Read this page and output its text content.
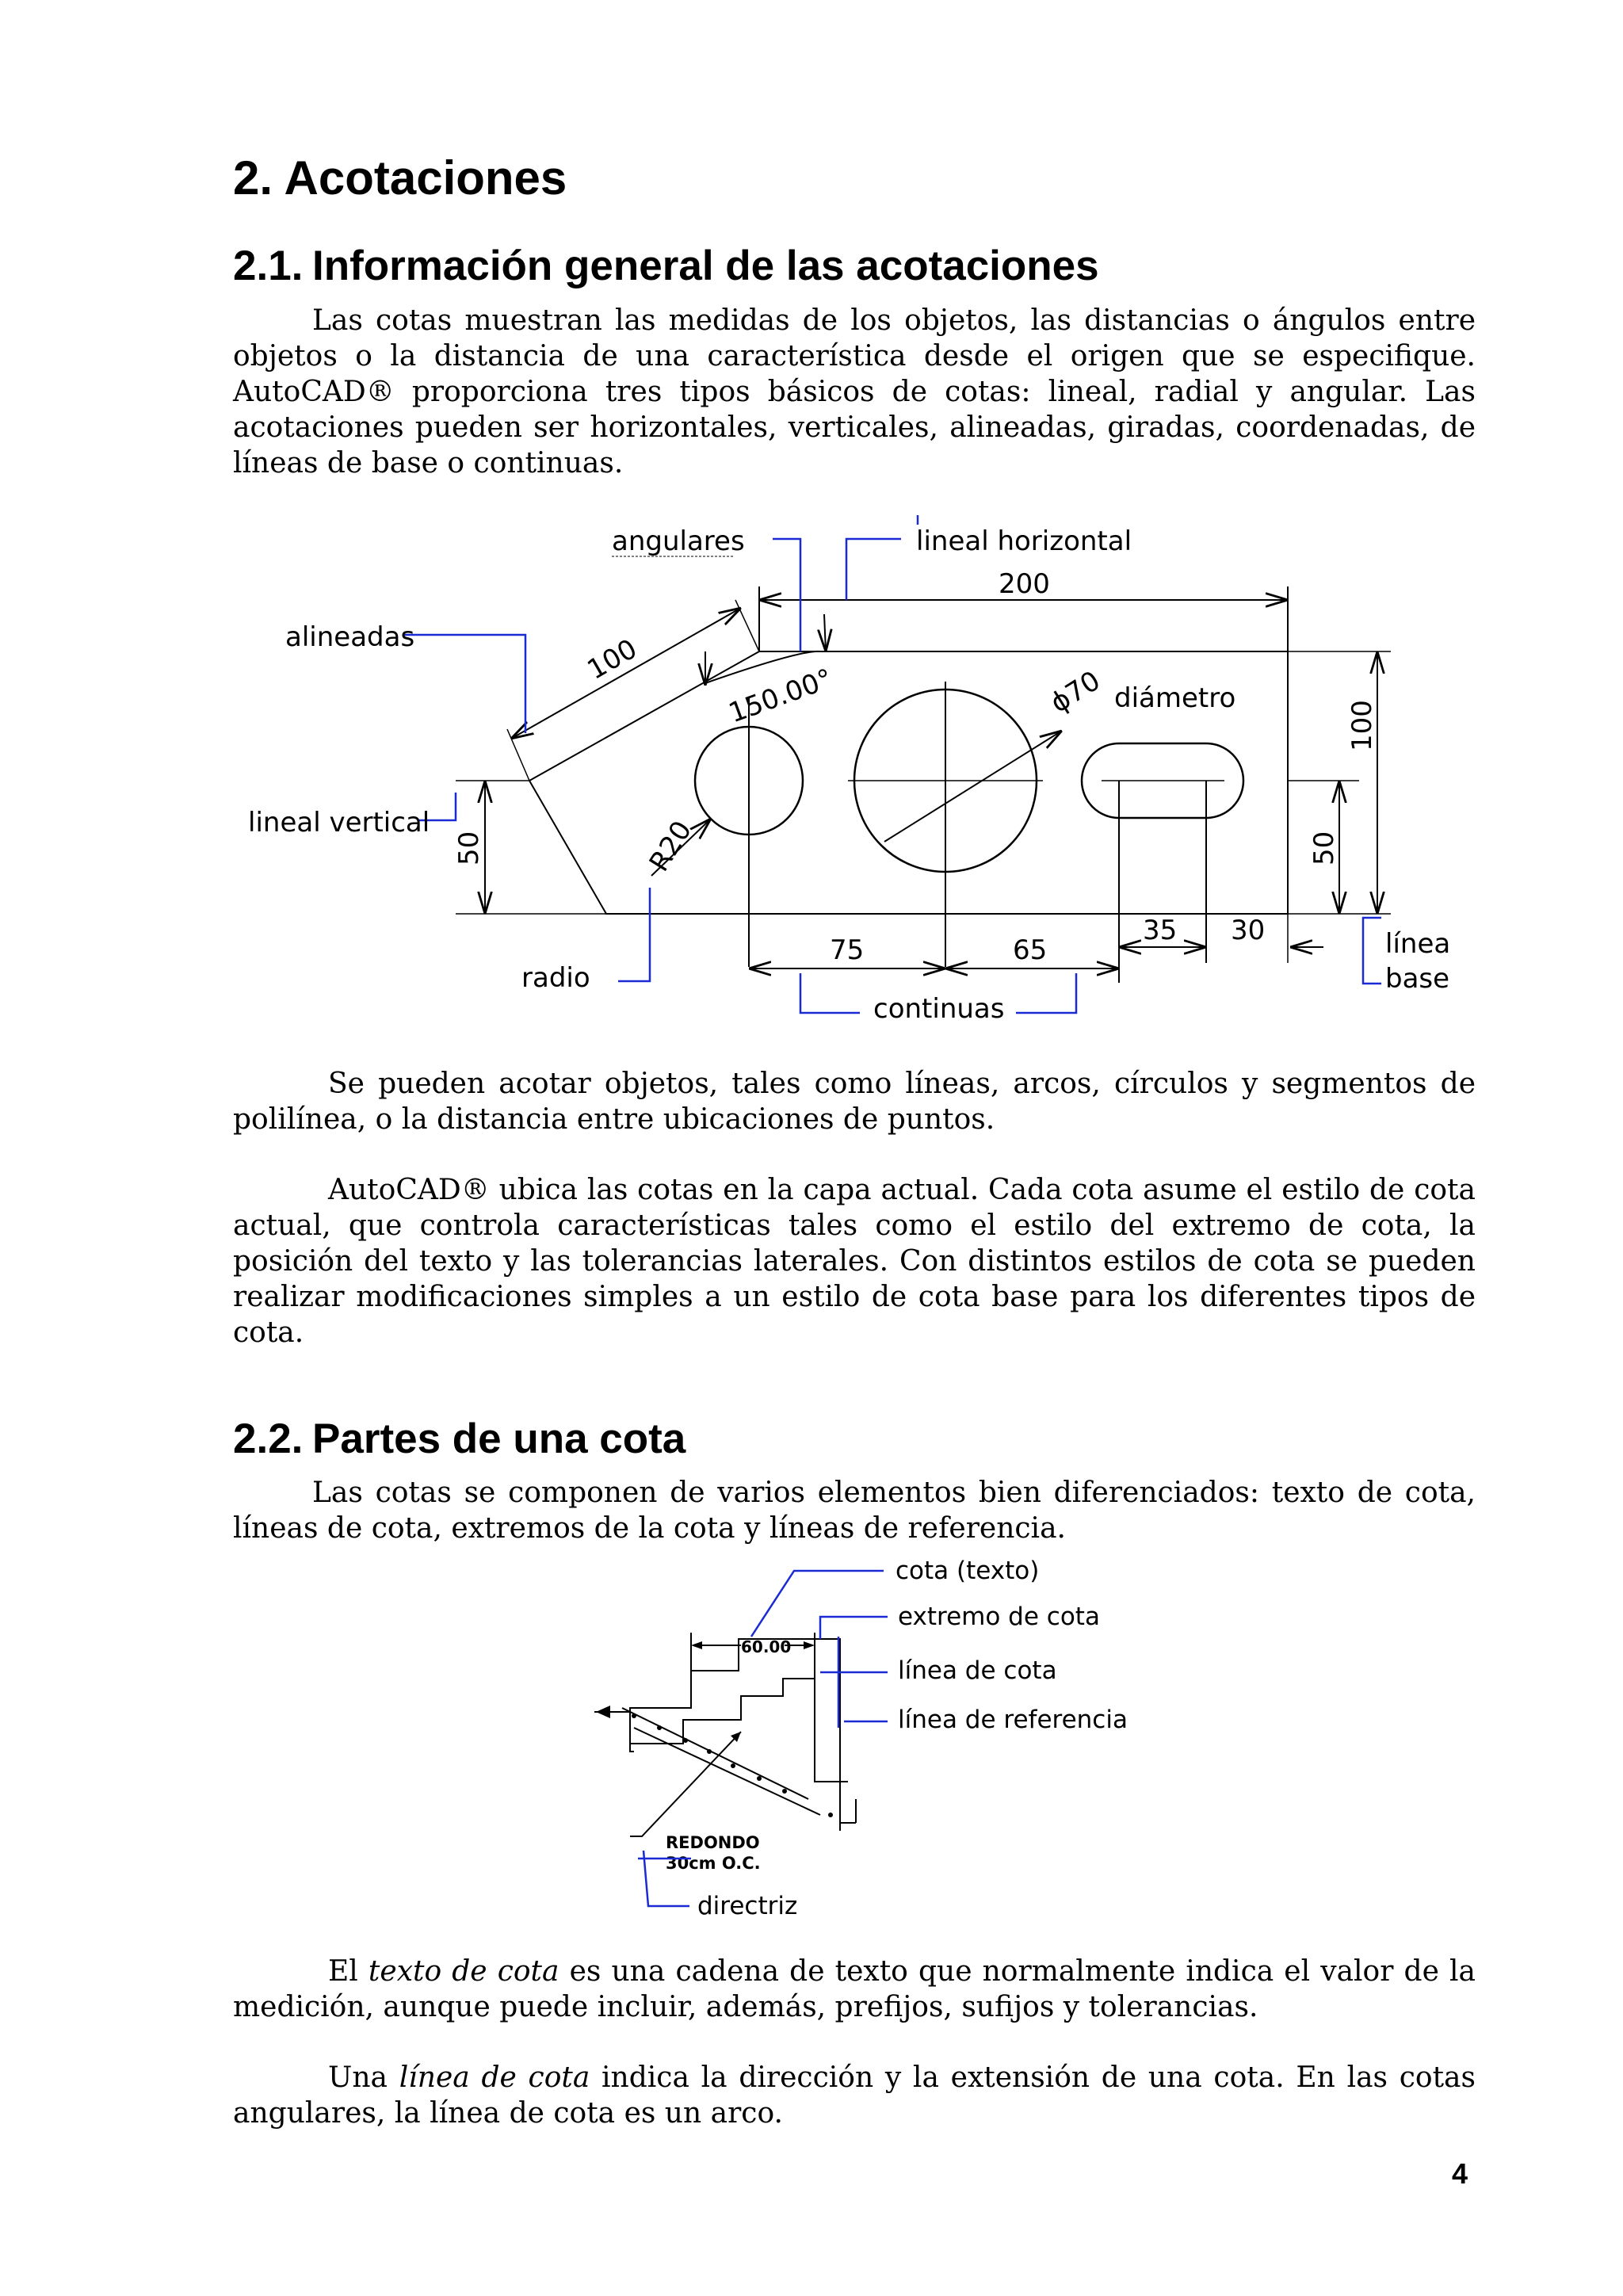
2. Acotaciones
2.1. Información general de las acotaciones

Las cotas muestran las medidas de los objetos, las distancias o ángulos entre objetos o la distancia de una característica desde el origen que se especifique. AutoCAD® proporciona tres tipos básicos de cotas: lineal, radial y angular. Las acotaciones pueden ser horizontales, verticales, alineadas, giradas, coordenadas, de líneas de base o continuas.

angulares	lineal horizontal
alineadas
lineal vertical
radio
continuas
diámetro
línea
base
200
100
150.00°	ϕ70
R20
100
50	50
75	65
35 30

Se pueden acotar objetos, tales como líneas, arcos, círculos y segmentos de polilínea, o la distancia entre ubicaciones de puntos.

AutoCAD® ubica las cotas en la capa actual. Cada cota asume el estilo de cota actual, que controla características tales como el estilo del extremo de cota, la posición del texto y las tolerancias laterales. Con distintos estilos de cota se pueden realizar modificaciones simples a un estilo de cota base para los diferentes tipos de cota.

2.2. Partes de una cota

Las cotas se componen de varios elementos bien diferenciados: texto de cota, líneas de cota, extremos de la cota y líneas de referencia.

60.00
REDONDO
30cm O.C.
cota (texto)
extremo de cota
línea de cota
línea de referencia
directriz

El texto de cota es una cadena de texto que normalmente indica el valor de la medición, aunque puede incluir, además, prefijos, sufijos y tolerancias.

Una línea de cota indica la dirección y la extensión de una cota. En las cotas angulares, la línea de cota es un arco.

4
